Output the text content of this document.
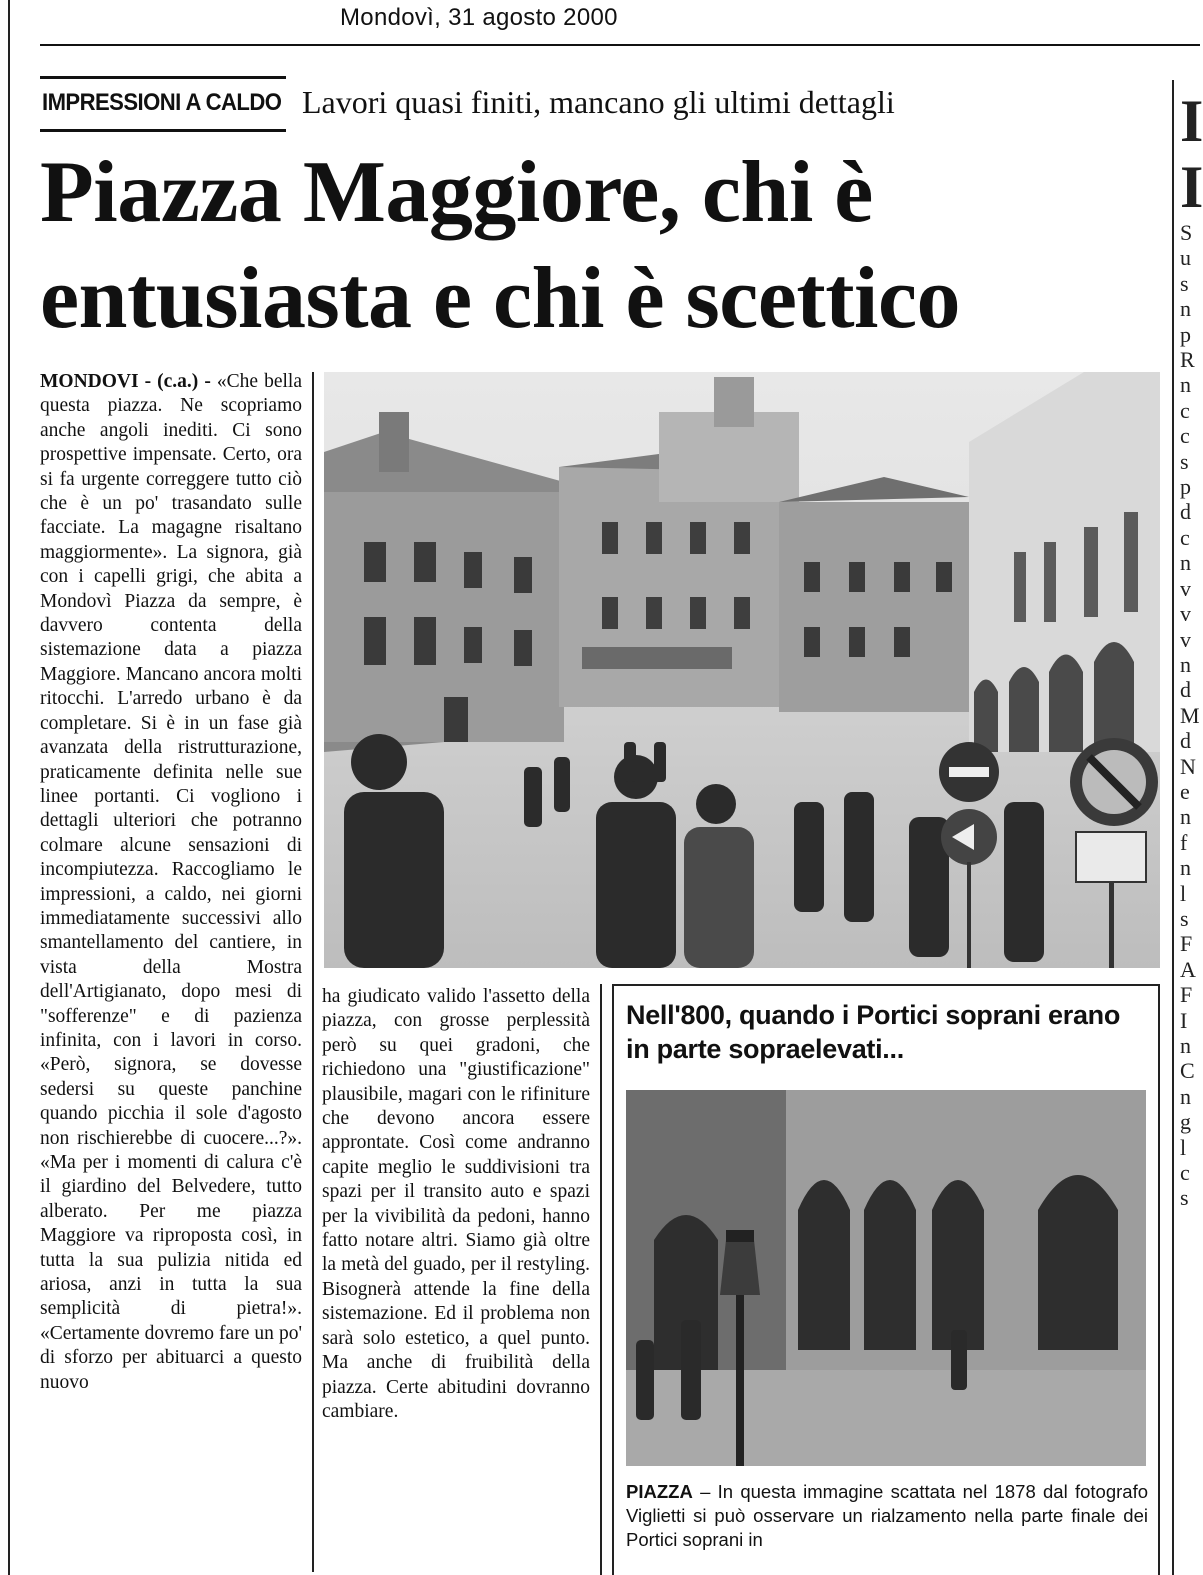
Mondovì, 31 agosto 2000
IMPRESSIONI A CALDO Lavori quasi finiti, mancano gli ultimi dettagli
Piazza Maggiore, chi è
entusiasta e chi è scettico
MONDOVI - (c.a.) - «Che bella questa piazza. Ne scopriamo anche angoli inediti. Ci sono prospettive impensate. Certo, ora si fa urgente correggere tutto ciò che è un po' trasandato sulle facciate. La magagne risaltano maggiormente». La signora, già con i capelli grigi, che abita a Mondovì Piazza da sempre, è davvero contenta della sistemazione data a piazza Maggiore. Mancano ancora molti ritocchi. L'arredo urbano è da completare. Si è in un fase già avanzata della ristrutturazione, praticamente definita nelle sue linee portanti. Ci vogliono i dettagli ulteriori che potranno colmare alcune sensazioni di incompiutezza. Raccogliamo le impressioni, a caldo, nei giorni immediatamente successivi allo smantellamento del cantiere, in vista della Mostra dell'Artigianato, dopo mesi di "sofferenze" e di pazienza infinita, con i lavori in corso. «Però, signora, se dovesse sedersi su queste panchine quando picchia il sole d'agosto non rischierebbe di cuocere...?». «Ma per i momenti di calura c'è il giardino del Belvedere, tutto alberato. Per me piazza Maggiore va riproposta così, in tutta la sua pulizia nitida ed ariosa, anzi in tutta la sua semplicità di pietra!». «Certamente dovremo fare un po' di sforzo per abituarci a questo nuovo
ha giudicato valido l'assetto della piazza, con grosse perplessità però su quei gradoni, che richiedono una "giustificazione" plausibile, magari con le rifiniture che devono ancora essere approntate. Così come andranno capite meglio le suddivisioni tra spazi per il transito auto e spazi per la vivibilità da pedoni, hanno fatto notare altri. Siamo già oltre la metà del guado, per il restyling. Bisognerà attende la fine della sistemazione. Ed il problema non sarà solo estetico, a quel punto. Ma anche di fruibilità della piazza. Certe abitudini dovranno cambiare.
Nell'800, quando i Portici soprani erano in parte sopraelevati...
PIAZZA – In questa immagine scattata nel 1878 dal fotografo Viglietti si può osservare un rialzamento nella parte finale dei Portici soprani in
I
I
S
u
s
n
p
R
n
c
c
s
p
d
c
n
v
v
v
n
d
M
d
N
e
n
f
n
l
s
F
A
F
I
n
C
n
g
l
c
s
